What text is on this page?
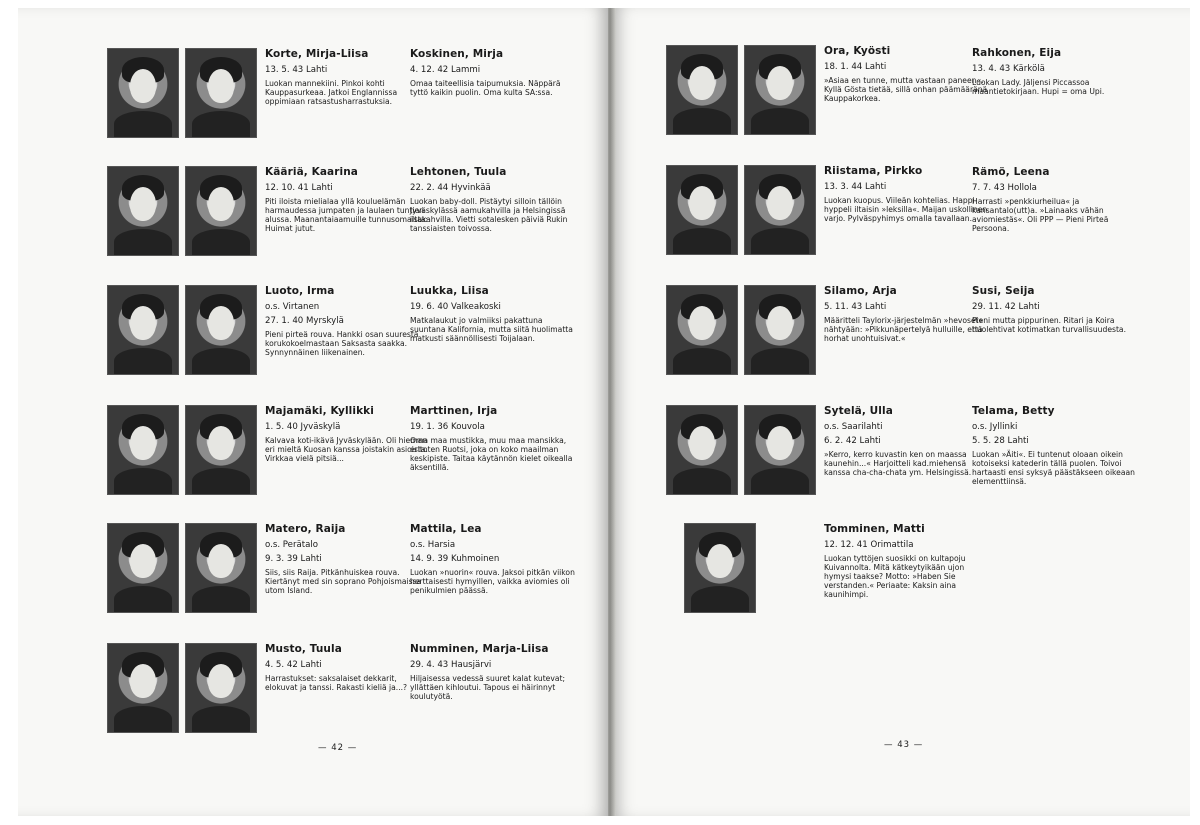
Korte, Mirja-Liisa
13. 5. 43 Lahti
Luokan mannekiini. Pinkoi kohti Kauppasurkeaa. Jatkoi Englannissa oppimiaan ratsastusharrastuksia.
Koskinen, Mirja
4. 12. 42 Lammi
Omaa taiteellisia taipumuksia. Näppärä tyttö kaikin puolin. Oma kulta SA:ssa.
Kääriä, Kaarina
12. 10. 41 Lahti
Piti iloista mielialaa yllä kouluelämän harmaudessa jumpaten ja laulaen tuntien alussa. Maanantaiaamuille tunnusomaista: Huimat jutut.
Lehtonen, Tuula
22. 2. 44 Hyvinkää
Luokan baby-doll. Pistäytyi silloin tällöin Jyväskylässä aamukahvilla ja Helsingissä iltakahvilla. Vietti sotalesken päiviä Rukin tanssiaisten toivossa.
Luoto, Irma
o.s. Virtanen
27. 1. 40 Myrskylä
Pieni pirteä rouva. Hankki osan suuresta korukokoelmastaan Saksasta saakka. Synnynnäinen liikenainen.
Luukka, Liisa
19. 6. 40 Valkeakoski
Matkalaukut jo valmiiksi pakattuna suuntana Kalifornia, mutta siitä huolimatta matkusti säännöllisesti Toijalaan.
Majamäki, Kyllikki
1. 5. 40 Jyväskylä
Kalvava koti-ikävä Jyväskylään. Oli hieman eri mieltä Kuosan kanssa joistakin asioista. Virkkaa vielä pitsiä...
Marttinen, Irja
19. 1. 36 Kouvola
Oma maa mustikka, muu maa mansikka, eritoten Ruotsi, joka on koko maailman keskipiste. Taitaa käytännön kielet oikealla äksentillä.
Matero, Raija
o.s. Perätalo
9. 3. 39 Lahti
Siis, siis Raija. Pitkänhuiskea rouva. Kiertänyt med sin soprano Pohjoismaissa utom Island.
Mattila, Lea
o.s. Harsia
14. 9. 39 Kuhmoinen
Luokan »nuorin« rouva. Jaksoi pitkän viikon herttaisesti hymyillen, vaikka aviomies oli penikulmien päässä.
Musto, Tuula
4. 5. 42 Lahti
Harrastukset: saksalaiset dekkarit, elokuvat ja tanssi. Rakasti kieliä ja...?
Numminen, Marja-Liisa
29. 4. 43 Hausjärvi
Hiljaisessa vedessä suuret kalat kutevat; yllättäen kihloutui. Tapous ei häirinnyt koulutyötä.
— 42 —
Ora, Kyösti
18. 1. 44 Lahti
»Asiaa en tunne, mutta vastaan paneen«. Kyllä Gösta tietää, sillä onhan päämääränä Kauppakorkea.
Rahkonen, Eija
13. 4. 43 Kärkölä
Luokan Lady. Jäljensi Piccassoa maantietokirjaan. Hupi = oma Upi.
Riistama, Pirkko
13. 3. 44 Lahti
Luokan kuopus. Viileän kohtelias. Happi-hyppeli iltaisin »leksilla«. Maijan uskollinen varjo. Pylväspyhimys omalla tavallaan.
Rämö, Leena
7. 7. 43 Hollola
Harrasti »penkkiurheilua« ja kansantalo(utt)a. »Lainaaks vähän aviomiestäs«. Oli PPP — Pieni Pirteä Persoona.
Silamo, Arja
5. 11. 43 Lahti
Määritteli Taylorix-järjestelmän »hevoset« nähtyään: »Pikkunäpertelyä hulluille, että horhat unohtuisivat.«
Susi, Seija
29. 11. 42 Lahti
Pieni mutta pippurinen. Ritari ja Koira huolehtivat kotimatkan turvallisuudesta.
Sytelä, Ulla
o.s. Saarilahti
6. 2. 42 Lahti
»Kerro, kerro kuvastin ken on maassa kaunehin...« Harjoitteli kad.miehensä kanssa cha-cha-chata ym. Helsingissä.
Telama, Betty
o.s. Jyllinki
5. 5. 28 Lahti
Luokan »Äiti«. Ei tuntenut oloaan oikein kotoiseksi katederin tällä puolen. Toivoi hartaasti ensi syksyä päästäkseen oikeaan elementtiinsä.
Tomminen, Matti
12. 12. 41 Orimattila
Luokan tyttöjen suosikki on kultapoju Kuivannolta. Mitä kätkeytyikään ujon hymysi taakse? Motto: »Haben Sie verstanden.« Periaate: Kaksin aina kaunihimpi.
— 43 —
